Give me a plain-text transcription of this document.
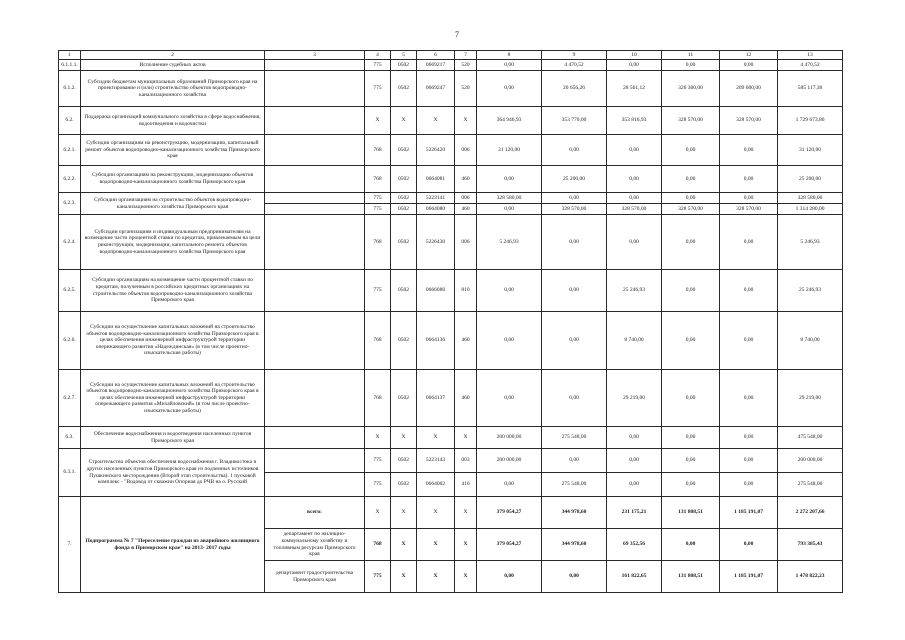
7
1	2	3	4	5	6	7	8	9	10	11	12	13
6.1.1.1.	Исполнение судебных актов		775	0502	0669217	520	0,00	4 470,52	0,00	0,00	0,00	4 470,52
6.1.2.	Субсидии бюджетам муниципальных образований Приморского края на проектирование и (или) строительство объектов водопроводно-канализационного хозяйства		775	0502	0669247	520	0,00	20 656,26	28 561,12	326 300,00	209 600,00	585 117,38
6.2.	Поддержка организаций коммунального хозяйства в сфере водоснабжения, водоотведения и водочистки		X	X	X	X	364 946,93	353 770,00	353 816,93	328 570,00	328 570,00	1 729 673,86
6.2.1.	Субсидии организациям на реконструкцию, модернизацию, капитальный ремонт объектов водопроводно-канализационного хозяйства Приморского края		768	0502	5226420	006	31 120,00	0,00	0,00	0,00	0,00	31 120,00
6.2.2.	Субсидии организациям на реконструкцию, модернизацию объектов водопроводно-канализационного хозяйства Приморского края		768	0502	0664081	460	0,00	25 200,00	0,00	0,00	0,00	25 200,00
6.2.3.	Субсидии организациям на строительство объектов водопроводно-канализационного хозяйства Приморского края		775	0502	5223141	006	328 580,00	0,00	0,00	0,00	0,00	328 580,00
			775	0502	0664080	460	0,00	328 570,00	328 570,00	328 570,00	328 570,00	1 314 280,00
6.2.4.	Субсидии организациям и индивидуальным предпринимателям на возмещение части процентной ставки по кредитам, привлекаемым на цели реконструкции, модернизации, капитального ремонта объектов водопроводно-канализационного хозяйства Приморского края		768	0502	5226430	006	5 246,93	0,00	0,00	0,00	0,00	5 246,93
6.2.5.	Субсидии организациям на возмещение части процентной ставки по кредитам, полученным в российских кредитных организациях на строительство объектов водопроводно-канализационного хозяйства Приморского края		775	0502	0666080	810	0,00	0,00	25 246,93	0,00	0,00	25 246,93
6.2.6.	Субсидии на осуществление капитальных вложений на строительство объектов водопроводно-канализационного хозяйства Приморского края в целях обеспечения инженерной инфраструктурой территории опережающего развития «Надеждинская» (в том числе проектно-изыскательские работы)		768	0502	0664136	460	0,00	0,00	8 740,00	0,00	0,00	8 740,00
6.2.7.	Субсидии на осуществление капитальных вложений на строительство объектов водопроводно-канализационного хозяйства Приморского края в целях обеспечения инженерной инфраструктурой территории опережающего развития «Михайловский» (в том числе проектно-изыскательские работы)		768	0502	0664137	460	0,00	0,00	29 219,00	0,00	0,00	29 219,00
6.3.	Обеспечение водоснабжения и водоотведения населенных пунктов Приморского края		X	X	X	X	200 000,00	275 548,00	0,00	0,00	0,00	475 548,00
6.3.1.	Строительство объектов обеспечения водоснабжения г. Владивостока и других населенных пунктов Приморского края из подземных источников Пушкинского месторождения (Второй этап строительства). 1 пусковой комплекс - "Водовод от скважин Опорная до РЧВ на о. Русский		775	0502	5223143	003	200 000,00	0,00	0,00	0,00	0,00	200 000,00
			775	0502	0664002	410	0,00	275 548,00	0,00	0,00	0,00	275 548,00
7.	Подпрограмма № 7 "Переселение граждан из аварийного жилищного фонда в Приморском крае" на 2013- 2017 годы	всего:	X	X	X	X	379 054,27	344 978,60	231 175,21	131 808,51	1 185 191,07	2 272 207,66
		департамент по жилищно-коммунальному хозяйству и топливным ресурсам Приморского края	768	X	X	X	379 054,27	344 978,60	69 352,56	0,00	0,00	793 385,43
		департамент градостроительства Приморского края	775	X	X	X	0,00	0,00	161 822,65	131 808,51	1 185 191,07	1 478 822,23
